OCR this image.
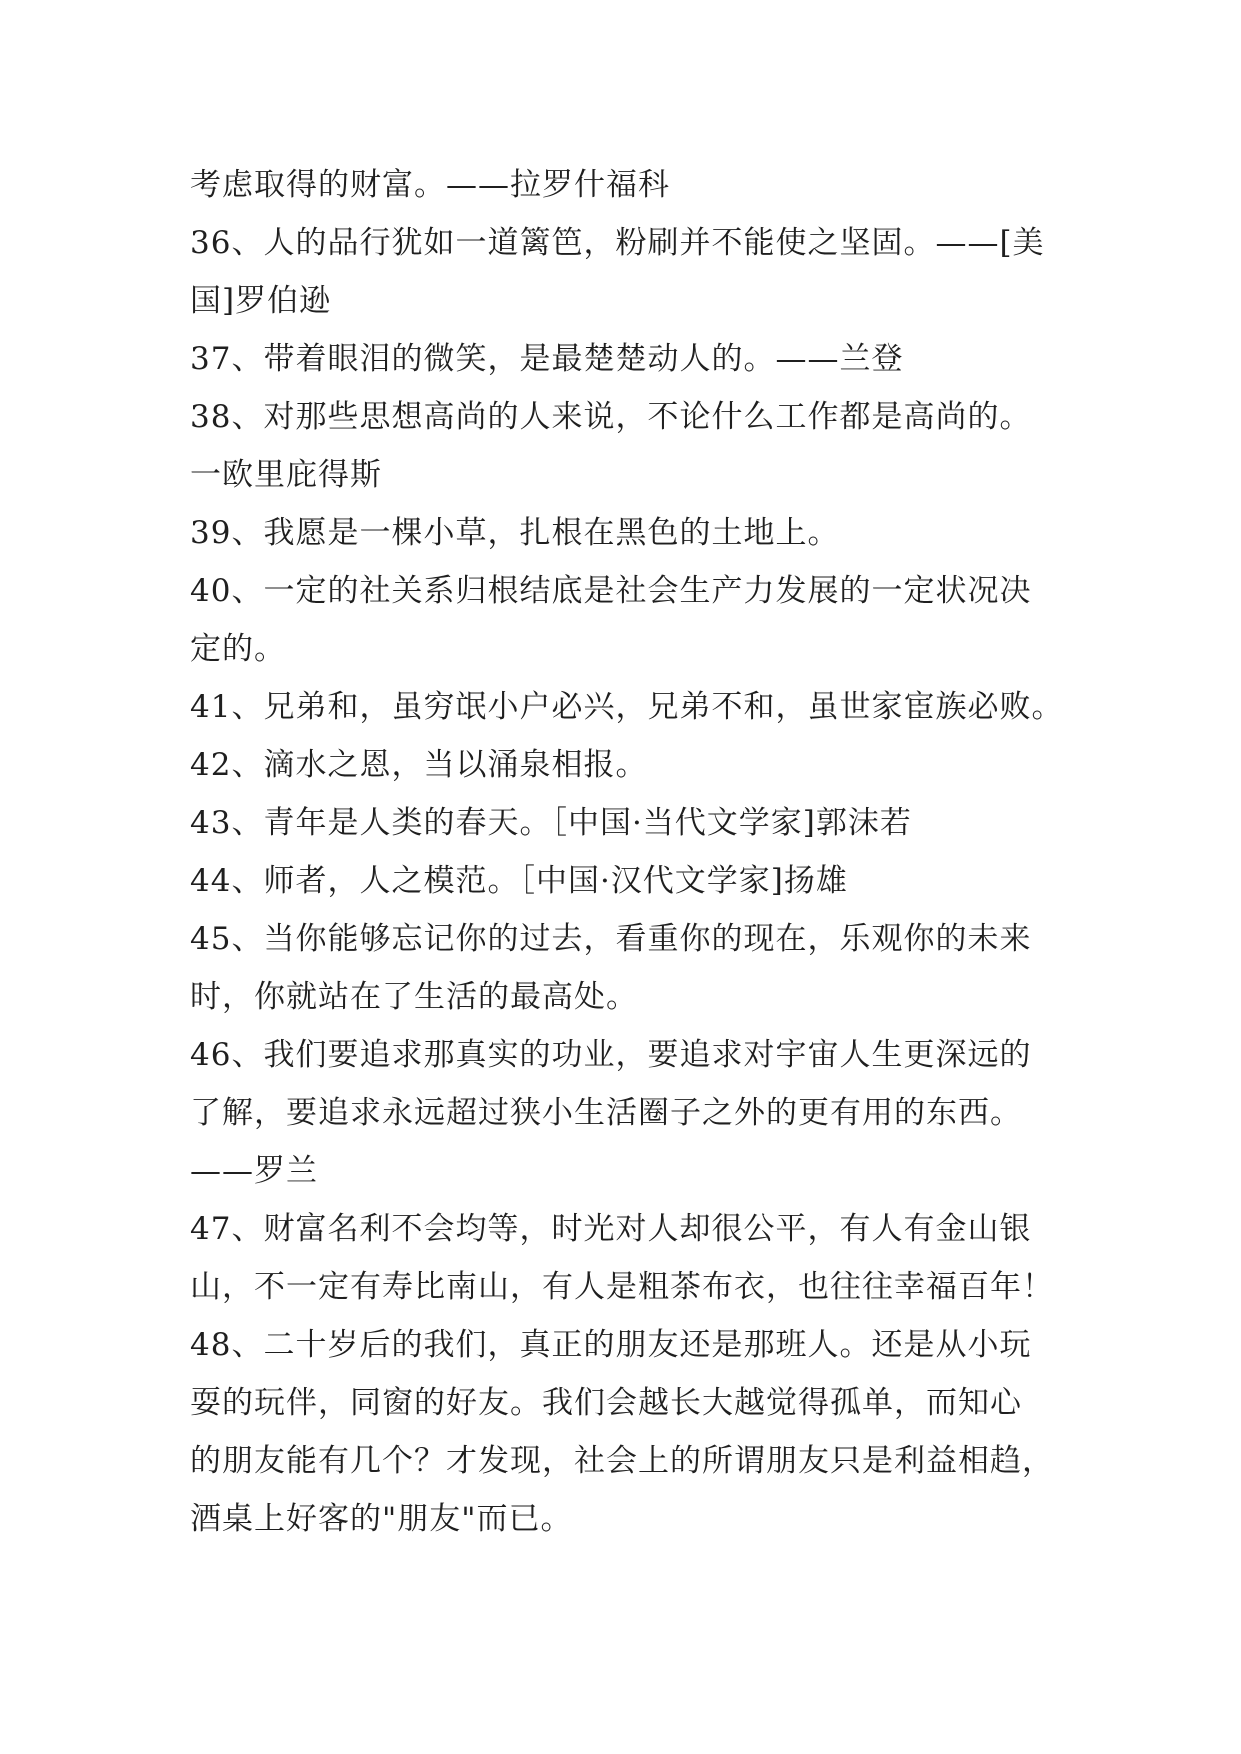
考虑取得的财富。——拉罗什福科
36、人的品行犹如一道篱笆，粉刷并不能使之坚固。——[美
国]罗伯逊
37、带着眼泪的微笑，是最楚楚动人的。——兰登
38、对那些思想高尚的人来说，不论什么工作都是高尚的。
一欧里庇得斯
39、我愿是一棵小草，扎根在黑色的土地上。
40、一定的社关系归根结底是社会生产力发展的一定状况决
定的。
41、兄弟和，虽穷氓小户必兴，兄弟不和，虽世家宦族必败。
42、滴水之恩，当以涌泉相报。
43、青年是人类的春天。［中国·当代文学家]郭沫若
44、师者，人之模范。［中国·汉代文学家]扬雄
45、当你能够忘记你的过去，看重你的现在，乐观你的未来
时，你就站在了生活的最高处。
46、我们要追求那真实的功业，要追求对宇宙人生更深远的
了解，要追求永远超过狭小生活圈子之外的更有用的东西。
——罗兰
47、财富名利不会均等，时光对人却很公平，有人有金山银
山，不一定有寿比南山，有人是粗茶布衣，也往往幸福百年！
48、二十岁后的我们，真正的朋友还是那班人。还是从小玩
耍的玩伴，同窗的好友。我们会越长大越觉得孤单，而知心
的朋友能有几个？才发现，社会上的所谓朋友只是利益相趋，
酒桌上好客的"朋友"而已。
